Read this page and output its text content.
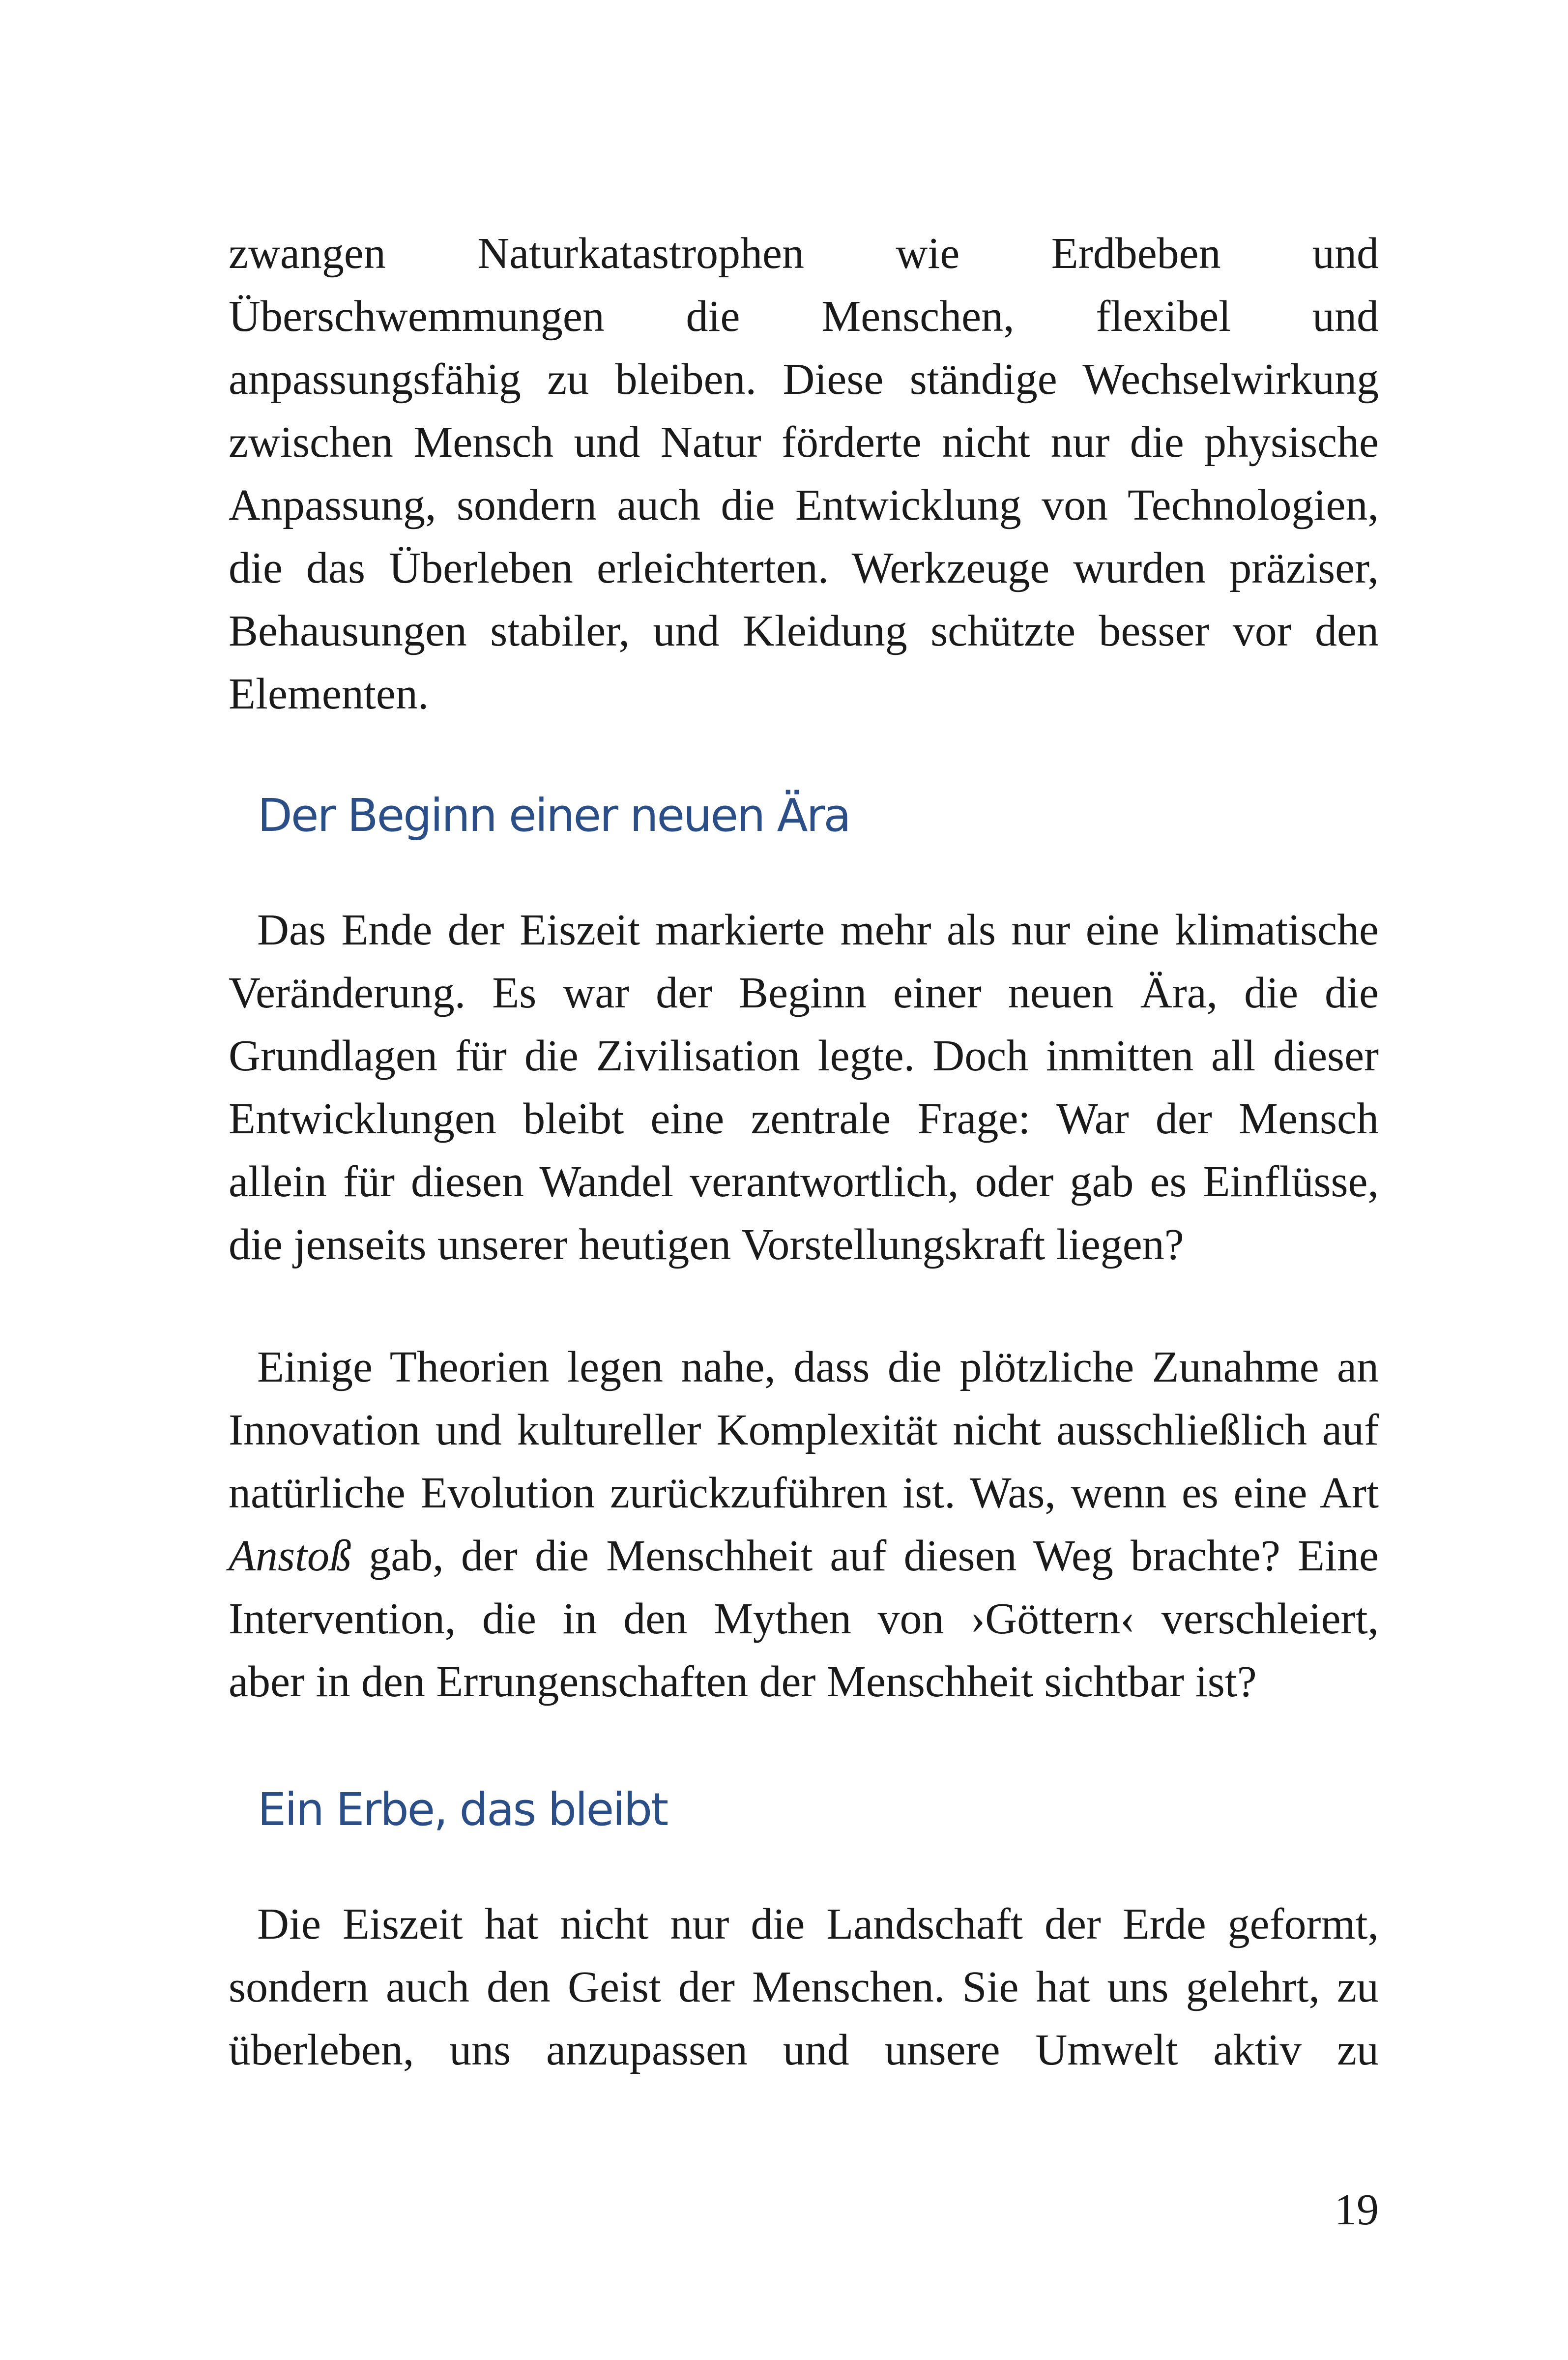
zwangen Naturkatastrophen wie Erdbeben und
Überschwemmungen die Menschen, flexibel und
anpassungsfähig zu bleiben. Diese ständige Wechselwirkung
zwischen Mensch und Natur förderte nicht nur die physische
Anpassung, sondern auch die Entwicklung von Technologien,
die das Überleben erleichterten. Werkzeuge wurden präziser,
Behausungen stabiler, und Kleidung schützte besser vor den
Elementen.
Der Beginn einer neuen Ära
Das Ende der Eiszeit markierte mehr als nur eine klimatische
Veränderung. Es war der Beginn einer neuen Ära, die die
Grundlagen für die Zivilisation legte. Doch inmitten all dieser
Entwicklungen bleibt eine zentrale Frage: War der Mensch
allein für diesen Wandel verantwortlich, oder gab es Einflüsse,
die jenseits unserer heutigen Vorstellungskraft liegen?
Einige Theorien legen nahe, dass die plötzliche Zunahme an
Innovation und kultureller Komplexität nicht ausschließlich auf
natürliche Evolution zurückzuführen ist. Was, wenn es eine Art
Anstoß gab, der die Menschheit auf diesen Weg brachte? Eine
Intervention, die in den Mythen von ›Göttern‹ verschleiert,
aber in den Errungenschaften der Menschheit sichtbar ist?
Ein Erbe, das bleibt
Die Eiszeit hat nicht nur die Landschaft der Erde geformt,
sondern auch den Geist der Menschen. Sie hat uns gelehrt, zu
überleben, uns anzupassen und unsere Umwelt aktiv zu
19
